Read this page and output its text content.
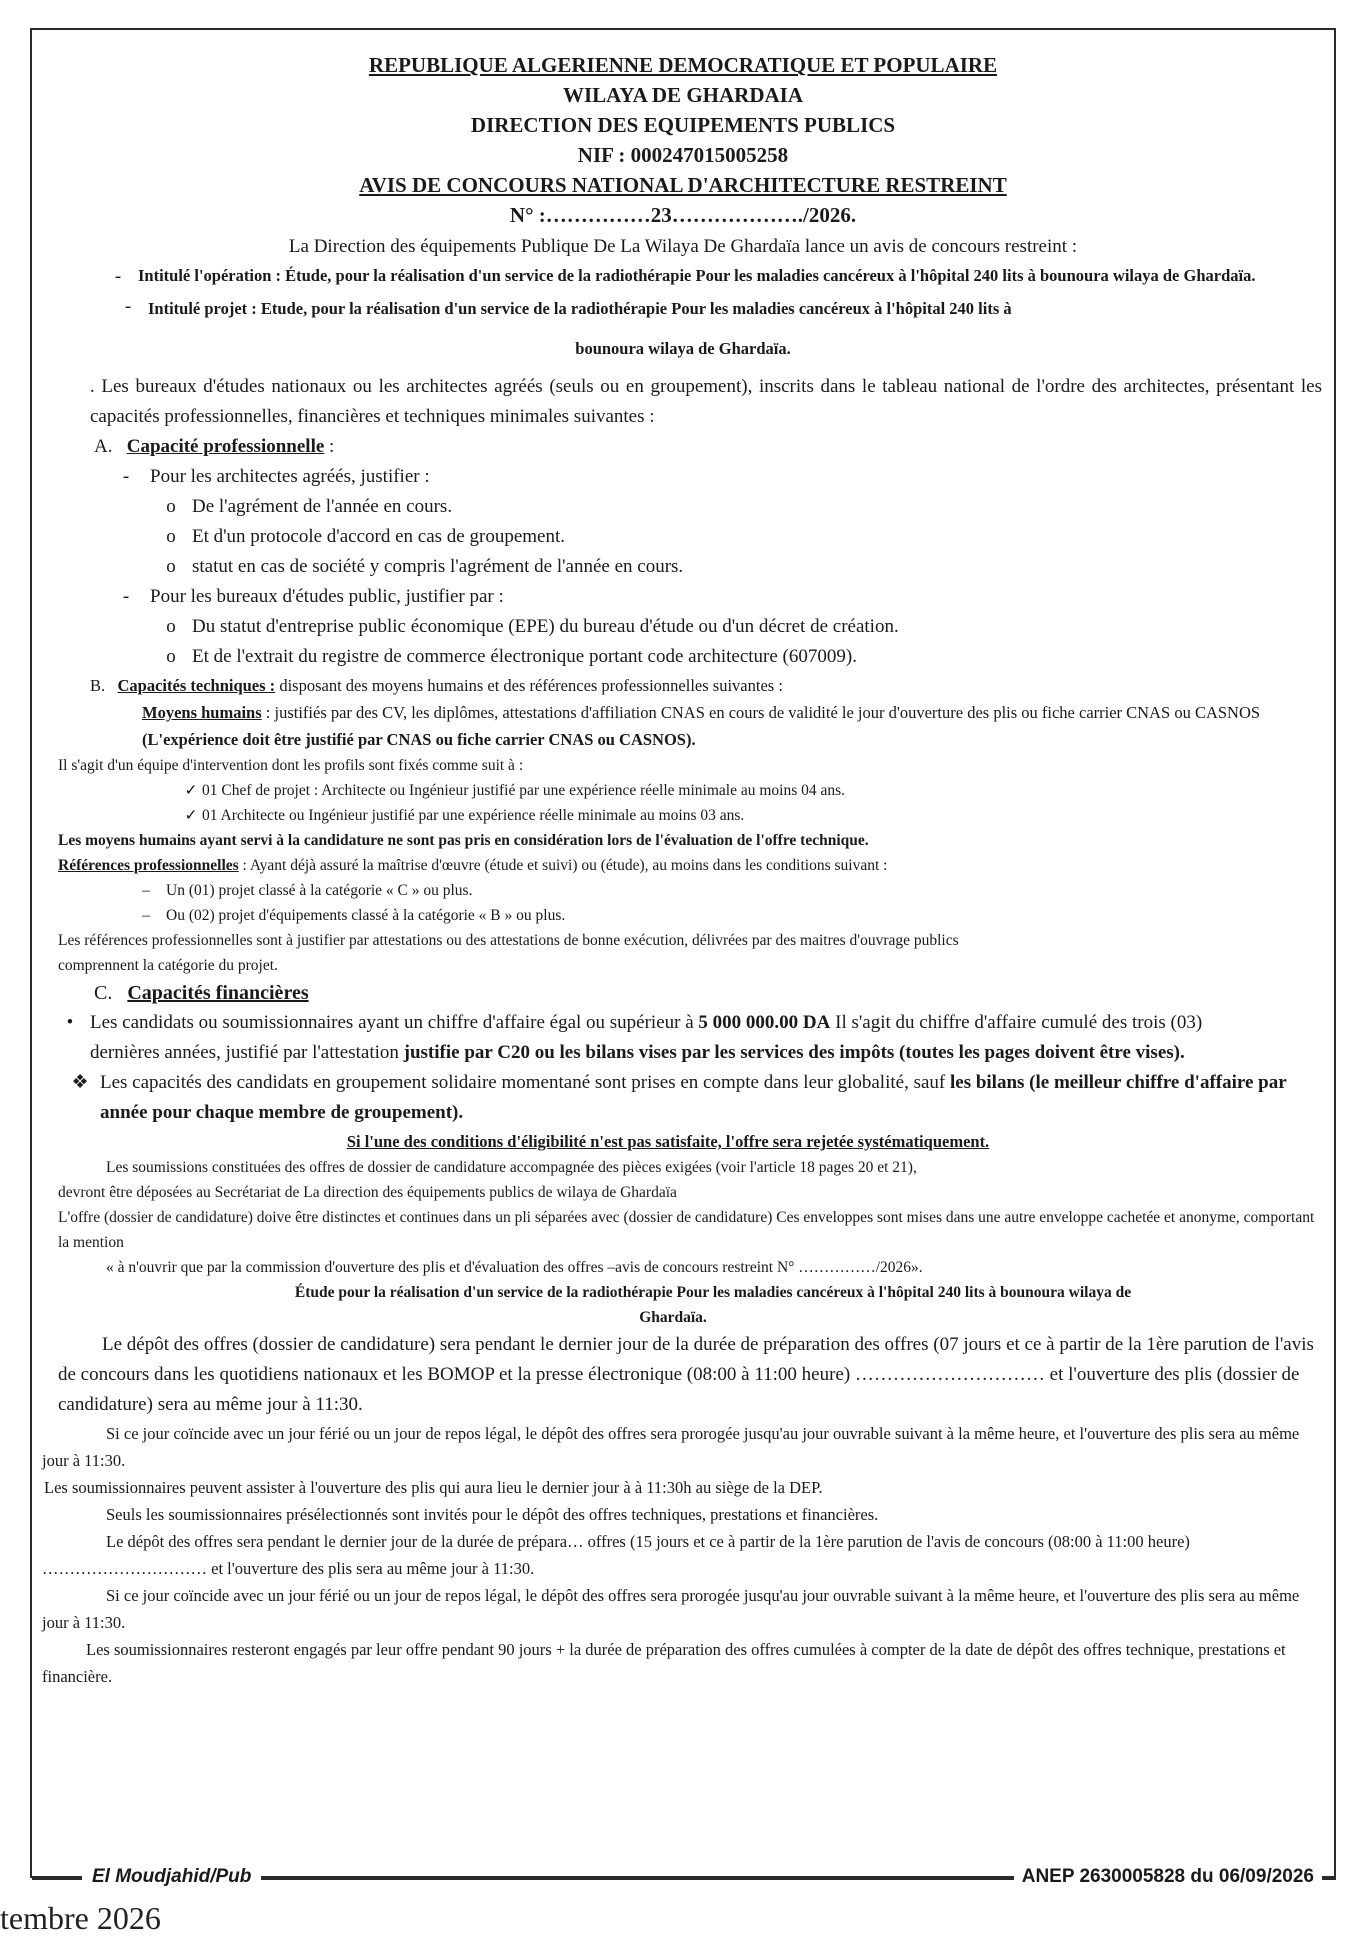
REPUBLIQUE ALGERIENNE DEMOCRATIQUE ET POPULAIRE
WILAYA DE GHARDAIA
DIRECTION DES EQUIPEMENTS PUBLICS
NIF : 000247015005258
AVIS DE CONCOURS NATIONAL D'ARCHITECTURE RESTREINT
N° :……………23………………./2026.

La Direction des équipements Publique De La Wilaya De Ghardaïa lance un avis de concours restreint :

-	Intitulé l'opération : Étude, pour la réalisation d'un service de la radiothérapie Pour les maladies cancéreux à l'hôpital 240 lits à bounoura wilaya de Ghardaïa.
-	Intitulé projet : Etude, pour la réalisation d'un service de la radiothérapie Pour les maladies cancéreux à l'hôpital 240 lits à

bounoura wilaya de Ghardaïa.

. Les bureaux d'études nationaux ou les architectes agréés (seuls ou en groupement), inscrits dans le tableau national de l'ordre des architectes, présentant les capacités professionnelles, financières et techniques minimales suivantes :

A. Capacité professionnelle :
-	Pour les architectes agréés, justifier :
o De l'agrément de l'année en cours.
o Et d'un protocole d'accord en cas de groupement.
o statut en cas de société y compris l'agrément de l'année en cours.
-	Pour les bureaux d'études public, justifier par :
o Du statut d'entreprise public économique (EPE) du bureau d'étude ou d'un décret de création.
o Et de l'extrait du registre de commerce électronique portant code architecture (607009).
B. Capacités techniques : disposant des moyens humains et des références professionnelles suivantes :

Moyens humains : justifiés par des CV, les diplômes, attestations d'affiliation CNAS en cours de validité le jour d'ouverture des plis ou fiche carrier CNAS ou CASNOS (L'expérience doit être justifié par CNAS ou fiche carrier CNAS ou CASNOS).

Il s'agit d'un équipe d'intervention dont les profils sont fixés comme suit à :

✓ 01 Chef de projet : Architecte ou Ingénieur justifié par une expérience réelle minimale au moins 04 ans.
✓ 01 Architecte ou Ingénieur justifié par une expérience réelle minimale au moins 03 ans.

Les moyens humains ayant servi à la candidature ne sont pas pris en considération lors de l'évaluation de l'offre technique.

Références professionnelles : Ayant déjà assuré la maîtrise d'œuvre (étude et suivi) ou (étude), au moins dans les conditions suivant :

–	Un (01) projet classé à la catégorie « C » ou plus.
–	Ou (02) projet d'équipements classé à la catégorie « B » ou plus.

Les références professionnelles sont à justifier par attestations ou des attestations de bonne exécution, délivrées par des maitres d'ouvrage publics comprennent la catégorie du projet.

C. Capacités financières
• Les candidats ou soumissionnaires ayant un chiffre d'affaire égal ou supérieur à 5 000 000.00 DA Il s'agit du chiffre d'affaire cumulé des trois (03) dernières années, justifié par l'attestation justifie par C20 ou les bilans vises par les services des impôts (toutes les pages doivent être vises).
❖ Les capacités des candidats en groupement solidaire momentané sont prises en compte dans leur globalité, sauf les bilans (le meilleur chiffre d'affaire par année pour chaque membre de groupement).

Si l'une des conditions d'éligibilité n'est pas satisfaite, l'offre sera rejetée systématiquement.

Les soumissions constituées des offres de dossier de candidature accompagnée des pièces exigées (voir l'article 18 pages 20 et 21),

devront être déposées au Secrétariat de La direction des équipements publics de wilaya de Ghardaïa

L'offre (dossier de candidature) doive être distinctes et continues dans un pli séparées avec (dossier de candidature) Ces enveloppes sont mises dans une autre enveloppe cachetée et anonyme, comportant la mention

« à n'ouvrir que par la commission d'ouverture des plis et d'évaluation des offres –avis de concours restreint N° ……………/2026».

Étude pour la réalisation d'un service de la radiothérapie Pour les maladies cancéreux à l'hôpital 240 lits à bounoura wilaya de

Ghardaïa.

Le dépôt des offres (dossier de candidature) sera pendant le dernier jour de la durée de préparation des offres (07 jours et ce à partir de la 1ère parution de l'avis de concours dans les quotidiens nationaux et les BOMOP et la presse électronique (08:00 à 11:00 heure) ………………………… et l'ouverture des plis (dossier de candidature) sera au même jour à 11:30.

Si ce jour coïncide avec un jour férié ou un jour de repos légal, le dépôt des offres sera prorogée jusqu'au jour ouvrable suivant à la même heure, et l'ouverture des plis sera au même jour à 11:30.

Les soumissionnaires peuvent assister à l'ouverture des plis qui aura lieu le dernier jour à à 11:30h au siège de la DEP.

Seuls les soumissionnaires présélectionnés sont invités pour le dépôt des offres techniques, prestations et financières.

Le dépôt des offres sera pendant le dernier jour de la durée de prépara… offres (15 jours et ce à partir de la 1ère parution de l'avis de concours (08:00 à 11:00 heure) ………………………… et l'ouverture des plis sera au même jour à 11:30.

Si ce jour coïncide avec un jour férié ou un jour de repos légal, le dépôt des offres sera prorogée jusqu'au jour ouvrable suivant à la même heure, et l'ouverture des plis sera au même jour à 11:30.

Les soumissionnaires resteront engagés par leur offre pendant 90 jours + la durée de préparation des offres cumulées à compter de la date de dépôt des offres technique, prestations et financière.

El Moudjahid/Pub	ANEP 2630005828 du 06/09/2026
tembre 2026
